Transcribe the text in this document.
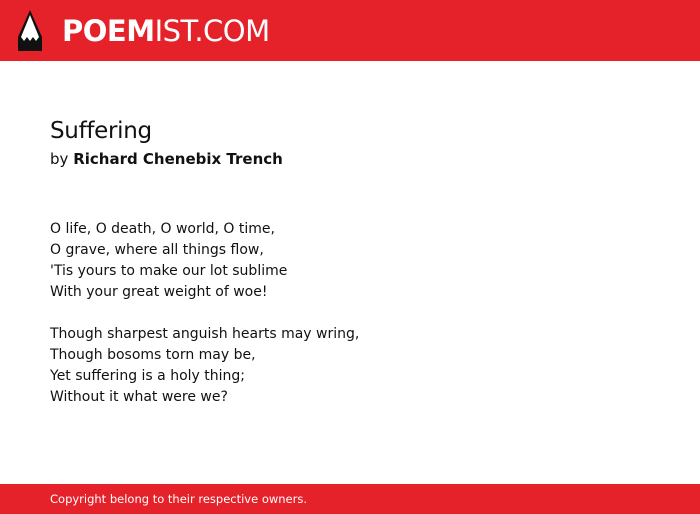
POEMIST.COM
Suffering
by Richard Chenebix Trench
O life, O death, O world, O time,
O grave, where all things flow,
'Tis yours to make our lot sublime
With your great weight of woe!
Though sharpest anguish hearts may wring,
Though bosoms torn may be,
Yet suffering is a holy thing;
Without it what were we?
Copyright belong to their respective owners.
